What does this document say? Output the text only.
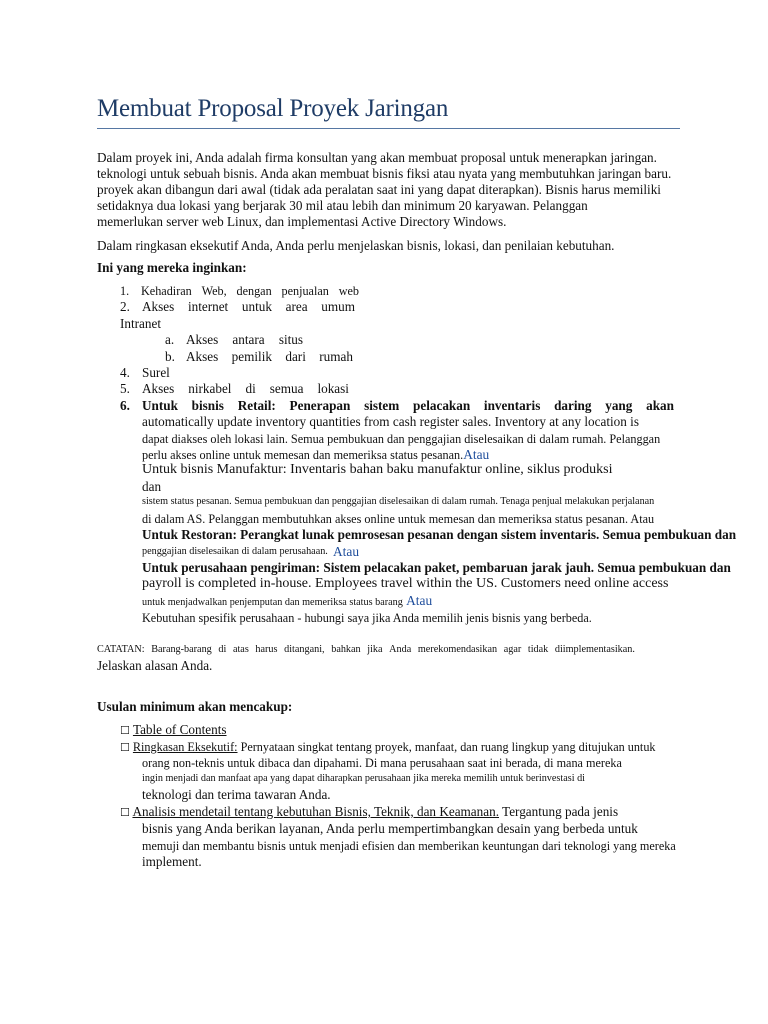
Membuat Proposal Proyek Jaringan
Dalam proyek ini, Anda adalah firma konsultan yang akan membuat proposal untuk menerapkan jaringan.
teknologi untuk sebuah bisnis. Anda akan membuat bisnis fiksi atau nyata yang membutuhkan jaringan baru.
proyek akan dibangun dari awal (tidak ada peralatan saat ini yang dapat diterapkan). Bisnis harus memiliki
setidaknya dua lokasi yang berjarak 30 mil atau lebih dan minimum 20 karyawan. Pelanggan
memerlukan server web Linux, dan implementasi Active Directory Windows.
Dalam ringkasan eksekutif Anda, Anda perlu menjelaskan bisnis, lokasi, dan penilaian kebutuhan.
Ini yang mereka inginkan:
1. Kehadiran Web, dengan penjualan web
2. Akses internet untuk area umum
Intranet
a. Akses antara situs
b. Akses pemilik dari rumah
4. Surel
5. Akses nirkabel di semua lokasi
6. Untuk bisnis Retail: Penerapan sistem pelacakan inventaris daring yang akan
automatically update inventory quantities from cash register sales. Inventory at any location is
dapat diakses oleh lokasi lain. Semua pembukuan dan penggajian diselesaikan di dalam rumah. Pelanggan
perlu akses online untuk memesan dan memeriksa status pesanan.Atau
Untuk bisnis Manufaktur: Inventaris bahan baku manufaktur online, siklus produksi
dan
sistem status pesanan. Semua pembukuan dan penggajian diselesaikan di dalam rumah. Tenaga penjual melakukan perjalanan
di dalam AS. Pelanggan membutuhkan akses online untuk memesan dan memeriksa status pesanan. Atau
Untuk Restoran: Perangkat lunak pemrosesan pesanan dengan sistem inventaris. Semua pembukuan dan
penggajian diselesaikan di dalam perusahaan. Atau
Untuk perusahaan pengiriman: Sistem pelacakan paket, pembaruan jarak jauh. Semua pembukuan dan
payroll is completed in-house. Employees travel within the US. Customers need online access
untuk menjadwalkan penjemputan dan memeriksa status barang Atau
Kebutuhan spesifik perusahaan - hubungi saya jika Anda memilih jenis bisnis yang berbeda.
CATATAN: Barang-barang di atas harus ditangani, bahkan jika Anda merekomendasikan agar tidak diimplementasikan.
Jelaskan alasan Anda.
Usulan minimum akan mencakup:
☐ Table of Contents
☐ Ringkasan Eksekutif: Pernyataan singkat tentang proyek, manfaat, dan ruang lingkup yang ditujukan untuk
orang non-teknis untuk dibaca dan dipahami. Di mana perusahaan saat ini berada, di mana mereka
ingin menjadi dan manfaat apa yang dapat diharapkan perusahaan jika mereka memilih untuk berinvestasi di
teknologi dan terima tawaran Anda.
☐ Analisis mendetail tentang kebutuhan Bisnis, Teknik, dan Keamanan. Tergantung pada jenis
bisnis yang Anda berikan layanan, Anda perlu mempertimbangkan desain yang berbeda untuk
memuji dan membantu bisnis untuk menjadi efisien dan memberikan keuntungan dari teknologi yang mereka
implement.
